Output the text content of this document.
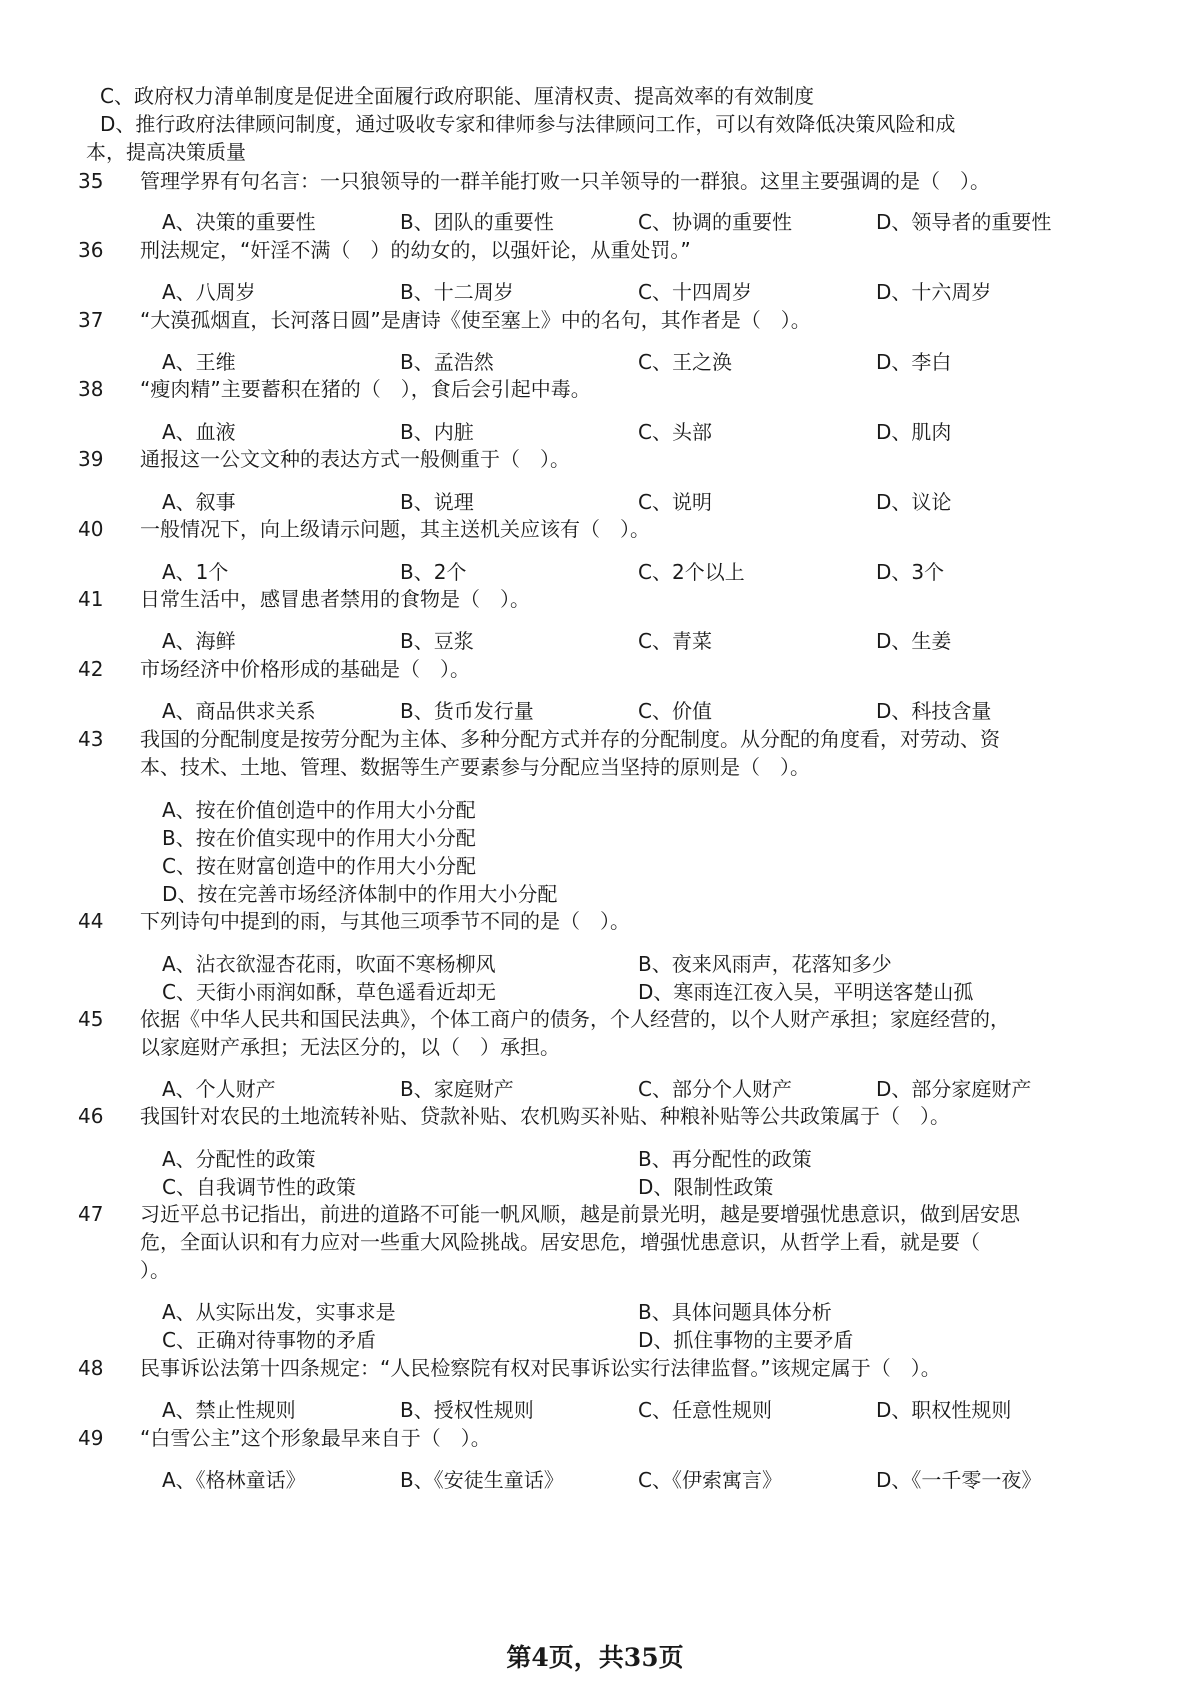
C、政府权力清单制度是促进全面履行政府职能、厘清权责、提高效率的有效制度
D、推行政府法律顾问制度，通过吸收专家和律师参与法律顾问工作，可以有效降低决策风险和成
本，提高决策质量
35	管理学界有句名言：一只狼领导的一群羊能打败一只羊领导的一群狼。这里主要强调的是（　）。
A、决策的重要性	B、团队的重要性	C、协调的重要性	D、领导者的重要性
36	刑法规定，“奸淫不满（　）的幼女的，以强奸论，从重处罚。”
A、八周岁	B、十二周岁	C、十四周岁	D、十六周岁
37	“大漠孤烟直，长河落日圆”是唐诗《使至塞上》中的名句，其作者是（　）。
A、王维	B、孟浩然	C、王之涣	D、李白
38	“瘦肉精”主要蓄积在猪的（　），食后会引起中毒。
A、血液	B、内脏	C、头部	D、肌肉
39	通报这一公文文种的表达方式一般侧重于（　）。
A、叙事	B、说理	C、说明	D、议论
40	一般情况下，向上级请示问题，其主送机关应该有（　）。
A、1个	B、2个	C、2个以上	D、3个
41	日常生活中，感冒患者禁用的食物是（　）。
A、海鲜	B、豆浆	C、青菜	D、生姜
42	市场经济中价格形成的基础是（　）。
A、商品供求关系	B、货币发行量	C、价值	D、科技含量
43	我国的分配制度是按劳分配为主体、多种分配方式并存的分配制度。从分配的角度看，对劳动、资
本、技术、土地、管理、数据等生产要素参与分配应当坚持的原则是（　）。
A、按在价值创造中的作用大小分配
B、按在价值实现中的作用大小分配
C、按在财富创造中的作用大小分配
D、按在完善市场经济体制中的作用大小分配
44	下列诗句中提到的雨，与其他三项季节不同的是（　）。
A、沾衣欲湿杏花雨，吹面不寒杨柳风	B、夜来风雨声，花落知多少
C、天街小雨润如酥，草色遥看近却无	D、寒雨连江夜入吴，平明送客楚山孤
45	依据《中华人民共和国民法典》，个体工商户的债务，个人经营的，以个人财产承担；家庭经营的，
以家庭财产承担；无法区分的，以（　）承担。
A、个人财产	B、家庭财产	C、部分个人财产	D、部分家庭财产
46	我国针对农民的土地流转补贴、贷款补贴、农机购买补贴、种粮补贴等公共政策属于（　）。
A、分配性的政策	B、再分配性的政策
C、自我调节性的政策	D、限制性政策
47	习近平总书记指出，前进的道路不可能一帆风顺，越是前景光明，越是要增强忧患意识，做到居安思
危，全面认识和有力应对一些重大风险挑战。居安思危，增强忧患意识，从哲学上看，就是要（
）。
A、从实际出发，实事求是	B、具体问题具体分析
C、正确对待事物的矛盾	D、抓住事物的主要矛盾
48	民事诉讼法第十四条规定：“人民检察院有权对民事诉讼实行法律监督。”该规定属于（　）。
A、禁止性规则	B、授权性规则	C、任意性规则	D、职权性规则
49	“白雪公主”这个形象最早来自于（　）。
A、《格林童话》	B、《安徒生童话》	C、《伊索寓言》	D、《一千零一夜》
第4页，共35页
